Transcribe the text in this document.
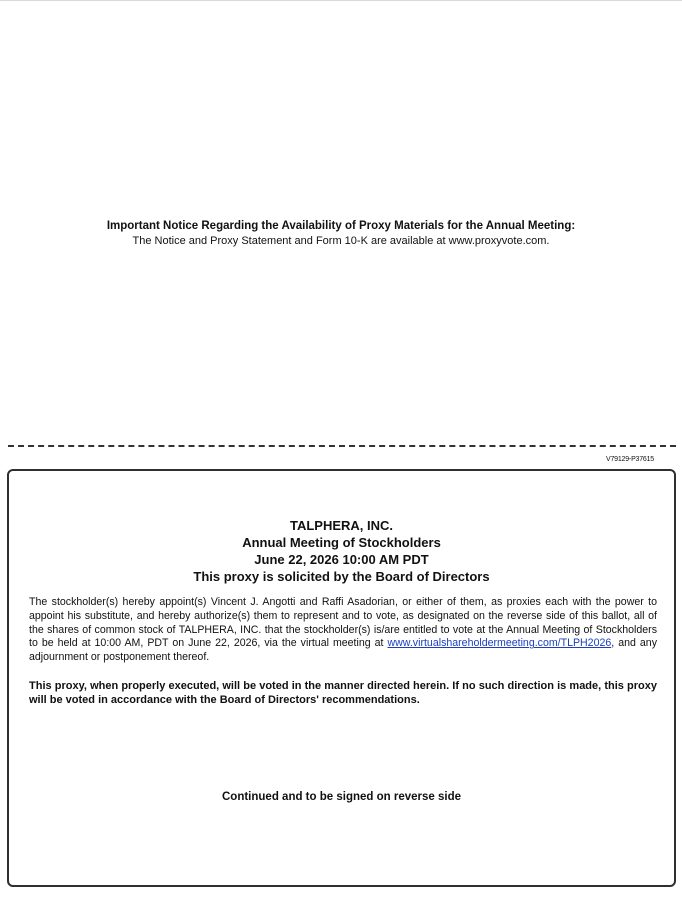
Important Notice Regarding the Availability of Proxy Materials for the Annual Meeting:
The Notice and Proxy Statement and Form 10-K are available at www.proxyvote.com.
V79129-P37615
TALPHERA, INC.
Annual Meeting of Stockholders
June 22, 2026 10:00 AM PDT
This proxy is solicited by the Board of Directors
The stockholder(s) hereby appoint(s) Vincent J. Angotti and Raffi Asadorian, or either of them, as proxies each with the power to appoint his substitute, and hereby authorize(s) them to represent and to vote, as designated on the reverse side of this ballot, all of the shares of common stock of TALPHERA, INC. that the stockholder(s) is/are entitled to vote at the Annual Meeting of Stockholders to be held at 10:00 AM, PDT on June 22, 2026, via the virtual meeting at www.virtualshareholdermeeting.com/TLPH2026, and any adjournment or postponement thereof.
This proxy, when properly executed, will be voted in the manner directed herein. If no such direction is made, this proxy will be voted in accordance with the Board of Directors' recommendations.
Continued and to be signed on reverse side
